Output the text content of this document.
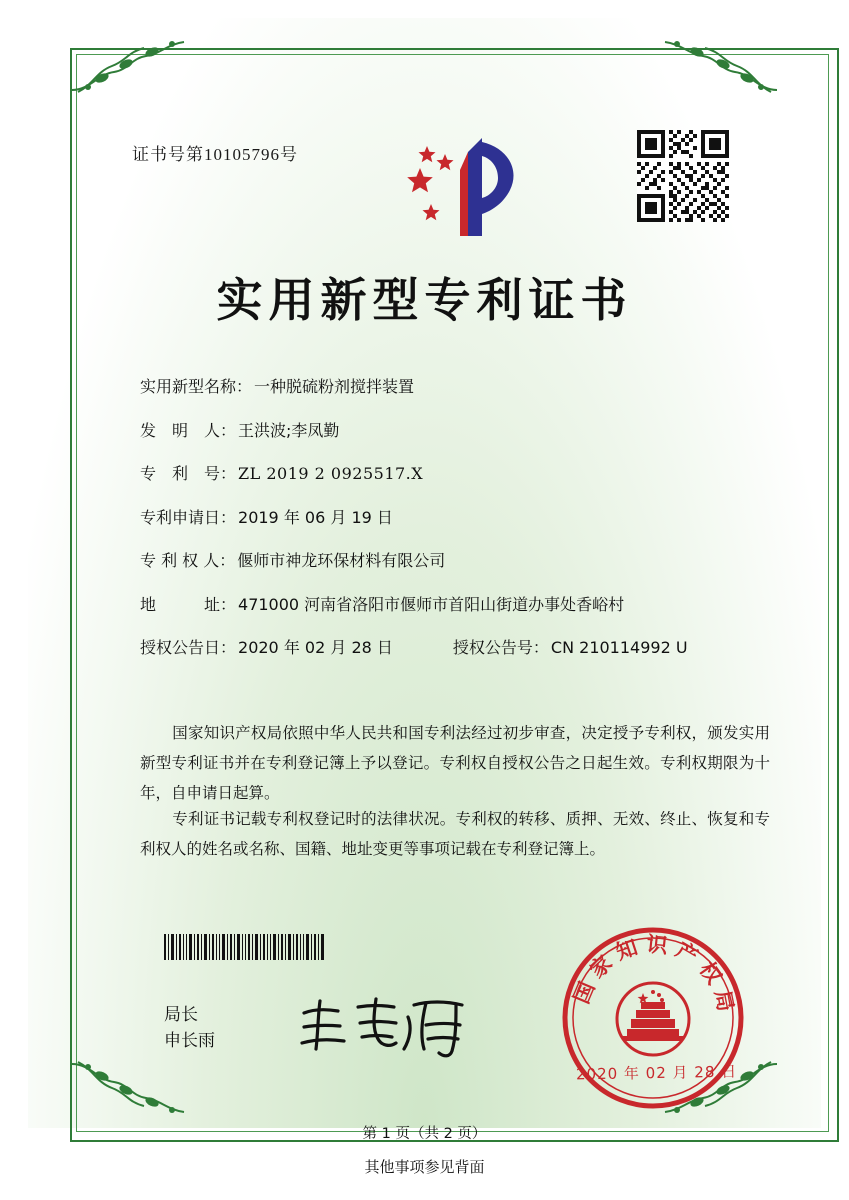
证书号第10105796号
实用新型专利证书
实用新型名称： 一种脱硫粉剂搅拌装置
发　明　人： 王洪波;李凤勤
专　利　号： ZL 2019 2 0925517.X
专利申请日： 2019 年 06 月 19 日
专 利 权 人： 偃师市神龙环保材料有限公司
地　　　址： 471000 河南省洛阳市偃师市首阳山街道办事处香峪村
授权公告日： 2020 年 02 月 28 日	授权公告号： CN 210114992 U
国家知识产权局依照中华人民共和国专利法经过初步审查，决定授予专利权，颁发实用新型专利证书并在专利登记簿上予以登记。专利权自授权公告之日起生效。专利权期限为十年，自申请日起算。
专利证书记载专利权登记时的法律状况。专利权的转移、质押、无效、终止、恢复和专利权人的姓名或名称、国籍、地址变更等事项记载在专利登记簿上。
局长
申长雨
国家知识产权局
2020 年 02 月 28 日
第 1 页（共 2 页）
其他事项参见背面
